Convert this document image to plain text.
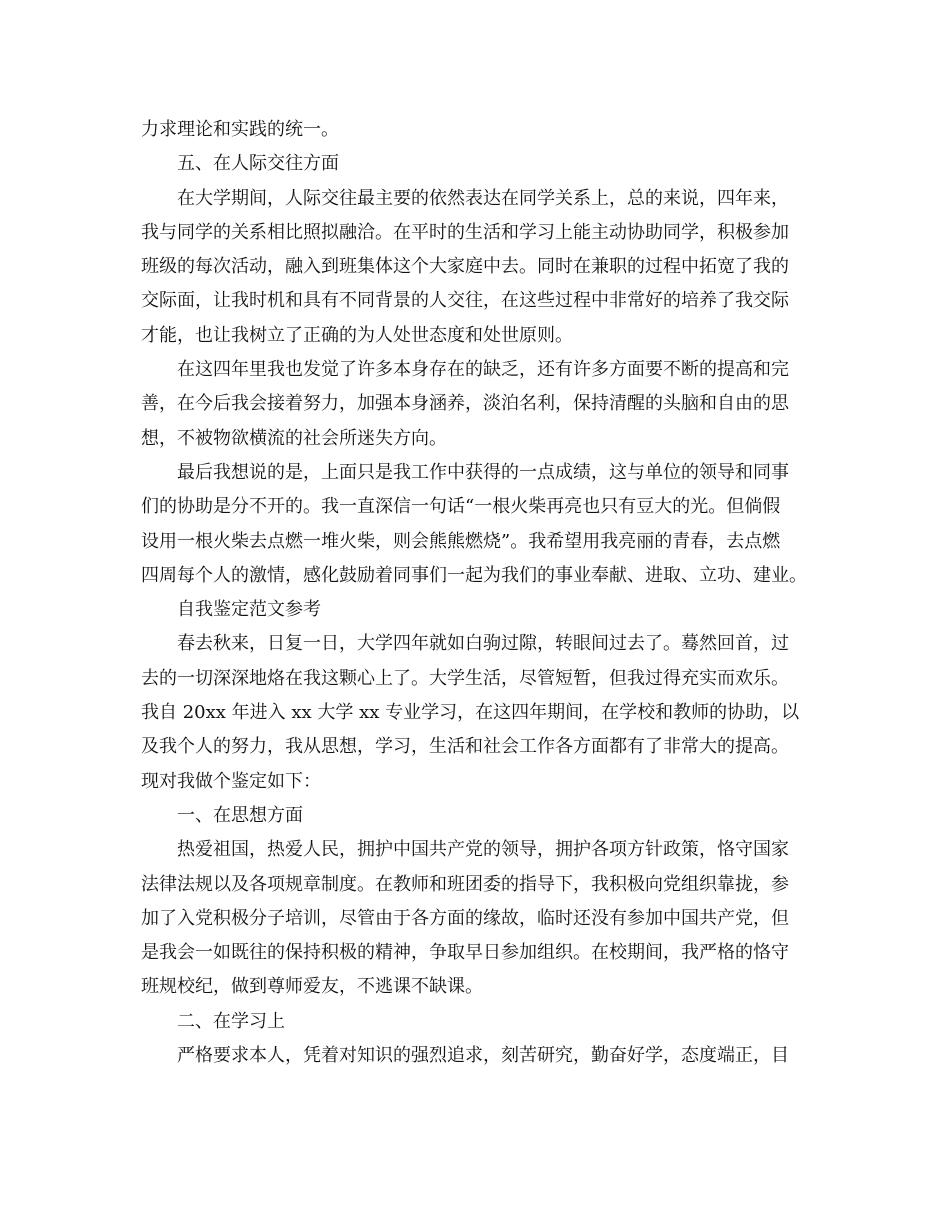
力求理论和实践的统一。
五、在人际交往方面
在大学期间，人际交往最主要的依然表达在同学关系上，总的来说，四年来，
我与同学的关系相比照拟融洽。在平时的生活和学习上能主动协助同学，积极参加
班级的每次活动，融入到班集体这个大家庭中去。同时在兼职的过程中拓宽了我的
交际面，让我时机和具有不同背景的人交往，在这些过程中非常好的培养了我交际
才能，也让我树立了正确的为人处世态度和处世原则。
在这四年里我也发觉了许多本身存在的缺乏，还有许多方面要不断的提高和完
善，在今后我会接着努力，加强本身涵养，淡泊名利，保持清醒的头脑和自由的思
想，不被物欲横流的社会所迷失方向。
最后我想说的是，上面只是我工作中获得的一点成绩，这与单位的领导和同事
们的协助是分不开的。我一直深信一句话“一根火柴再亮也只有豆大的光。但倘假
设用一根火柴去点燃一堆火柴，则会熊熊燃烧”。我希望用我亮丽的青春，去点燃
四周每个人的激情，感化鼓励着同事们一起为我们的事业奉献、进取、立功、建业。
自我鉴定范文参考
春去秋来，日复一日，大学四年就如白驹过隙，转眼间过去了。蓦然回首，过
去的一切深深地烙在我这颗心上了。大学生活，尽管短暂，但我过得充实而欢乐。
我自 20xx 年进入 xx 大学 xx 专业学习，在这四年期间，在学校和教师的协助，以
及我个人的努力，我从思想，学习，生活和社会工作各方面都有了非常大的提高。
现对我做个鉴定如下：
一、在思想方面
热爱祖国，热爱人民，拥护中国共产党的领导，拥护各项方针政策，恪守国家
法律法规以及各项规章制度。在教师和班团委的指导下，我积极向党组织靠拢，参
加了入党积极分子培训，尽管由于各方面的缘故，临时还没有参加中国共产党，但
是我会一如既往的保持积极的精神，争取早日参加组织。在校期间，我严格的恪守
班规校纪，做到尊师爱友，不逃课不缺课。
二、在学习上
严格要求本人，凭着对知识的强烈追求，刻苦研究，勤奋好学，态度端正，目
